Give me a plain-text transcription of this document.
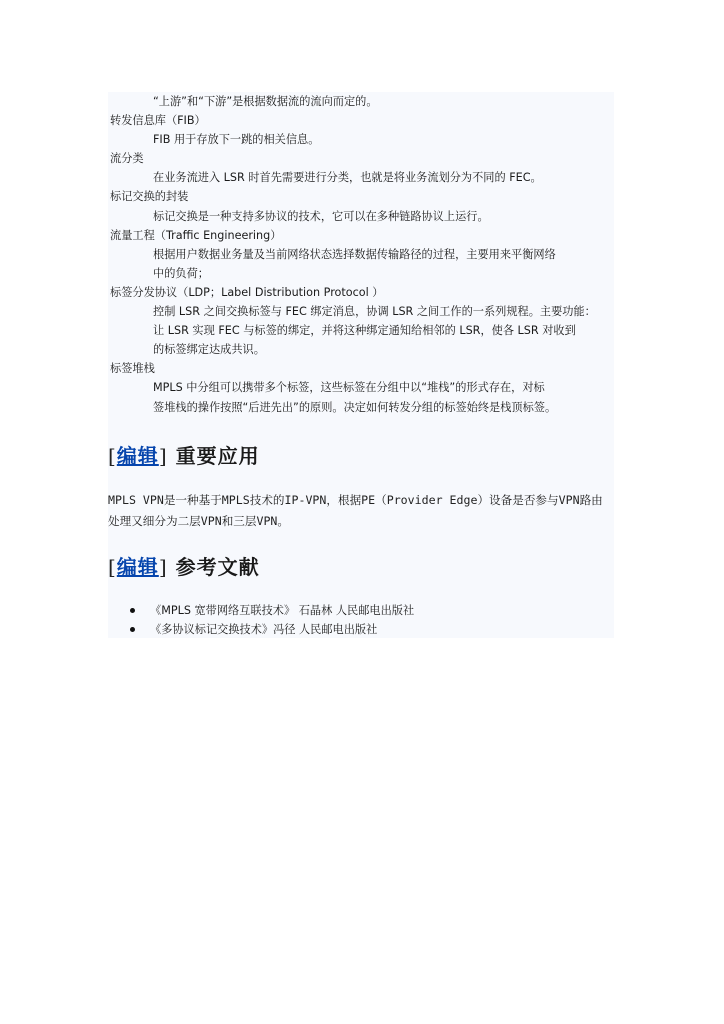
“上游”和“下游”是根据数据流的流向而定的。
转发信息库（FIB）
FIB 用于存放下一跳的相关信息。
流分类
在业务流进入 LSR 时首先需要进行分类，也就是将业务流划分为不同的 FEC。
标记交换的封装
标记交换是一种支持多协议的技术，它可以在多种链路协议上运行。
流量工程（Traffic Engineering）
根据用户数据业务量及当前网络状态选择数据传输路径的过程，主要用来平衡网络
中的负荷；
标签分发协议（LDP；Label Distribution Protocol ）
控制 LSR 之间交换标签与 FEC 绑定消息，协调 LSR 之间工作的一系列规程。主要功能：
让 LSR 实现 FEC 与标签的绑定，并将这种绑定通知给相邻的 LSR，使各 LSR 对收到
的标签绑定达成共识。
标签堆栈
MPLS 中分组可以携带多个标签，这些标签在分组中以“堆栈”的形式存在，对标
签堆栈的操作按照“后进先出”的原则。决定如何转发分组的标签始终是栈顶标签。
[编辑] 重要应用
MPLS VPN是一种基于MPLS技术的IP-VPN，根据PE（Provider Edge）设备是否参与VPN路由处理又细分为二层VPN和三层VPN。
[编辑] 参考文献
《MPLS 宽带网络互联技术》 石晶林 人民邮电出版社
《多协议标记交换技术》冯径 人民邮电出版社
